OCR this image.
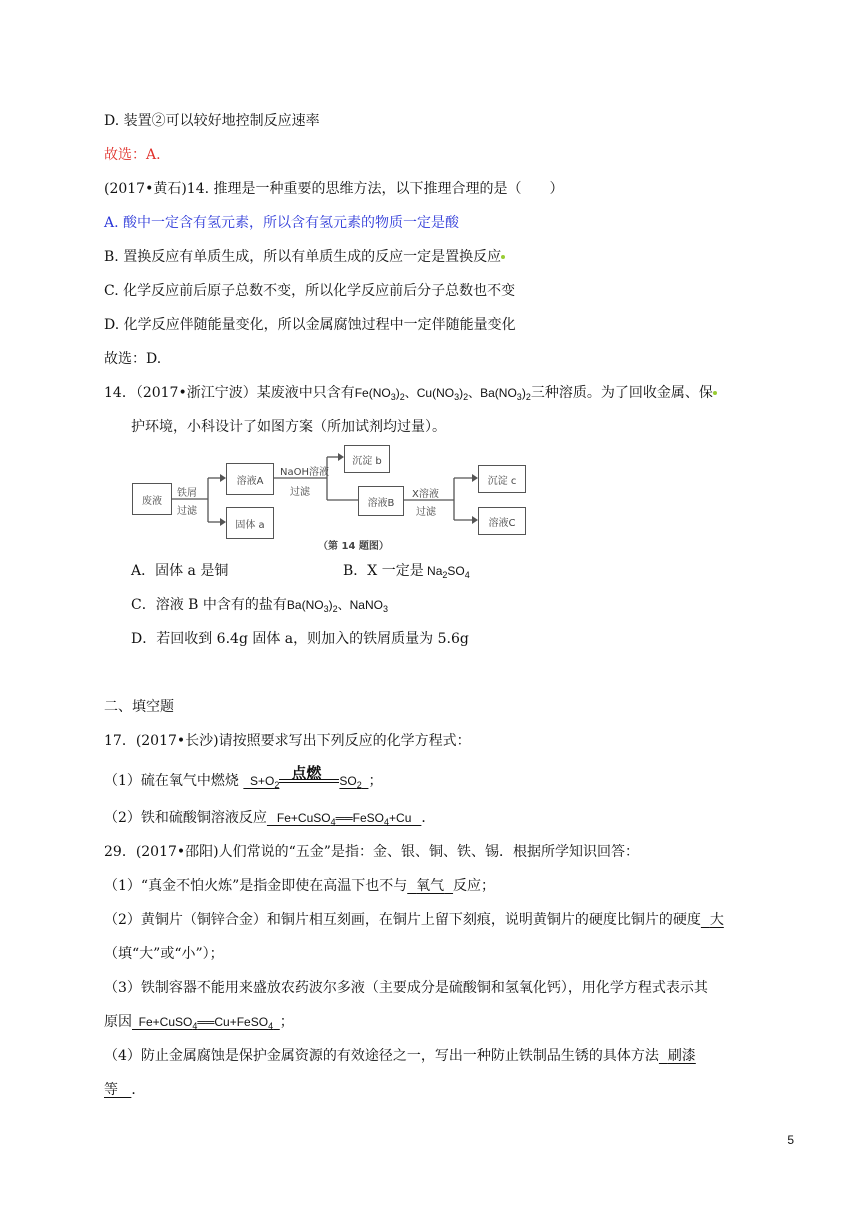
D. 装置②可以较好地控制反应速率
故选：A.
(2017•黄石)14. 推理是一种重要的思维方法，以下推理合理的是（　　）
A. 酸中一定含有氢元素，所以含有氢元素的物质一定是酸
B. 置换反应有单质生成，所以有单质生成的反应一定是置换反应
C. 化学反应前后原子总数不变，所以化学反应前后分子总数也不变
D. 化学反应伴随能量变化，所以金属腐蚀过程中一定伴随能量变化
故选：D.
14．（2017•浙江宁波）某废液中只含有$Fe(NO_3)_2$、$Cu(NO_3)_2$、$Ba(NO_3)_2$三种溶质。为了回收金属、保
护环境，小科设计了如图方案（所加试剂均过量）。
废液
铁屑
过滤
溶液A
固体 a
NaOH溶液
过滤
沉淀 b
溶液B
X溶液
过滤
沉淀 c
溶液C
（第 14 题图）
A．固体 a 是铜	B．X 一定是 $Na_2SO_4$
C．溶液 B 中含有的盐有$Ba(NO_3)_2$、NaNO$_3$
D．若回收到 6.4g 固体 a，则加入的铁屑质量为 5.6g
二、填空题
17．(2017•长沙)请按照要求写出下列反应的化学方程式：
（1）硫在氧气中燃烧   $S+O_2$
点燃 $SO_2$ ；
（2）铁和硫酸铜溶液反应   Fe+CuSO$_4$══FeSO$_4$+Cu   ．
29．(2017•邵阳)人们常说的“五金”是指：金、银、铜、铁、锡．根据所学知识回答：
（1）“真金不怕火炼”是指金即使在高温下也不与 氧气 反应；
（2）黄铜片（铜锌合金）和铜片相互刻画，在铜片上留下刻痕，说明黄铜片的硬度比铜片的硬度 大
（填“大”或“小”）；
（3）铁制容器不能用来盛放农药波尔多液（主要成分是硫酸铜和氢氧化钙），用化学方程式表示其
原因  Fe+CuSO$_4$══Cu+FeSO$_4$ ；
（4）防止金属腐蚀是保护金属资源的有效途径之一，写出一种防止铁制品生锈的具体方法 刷漆
等 ．
5
